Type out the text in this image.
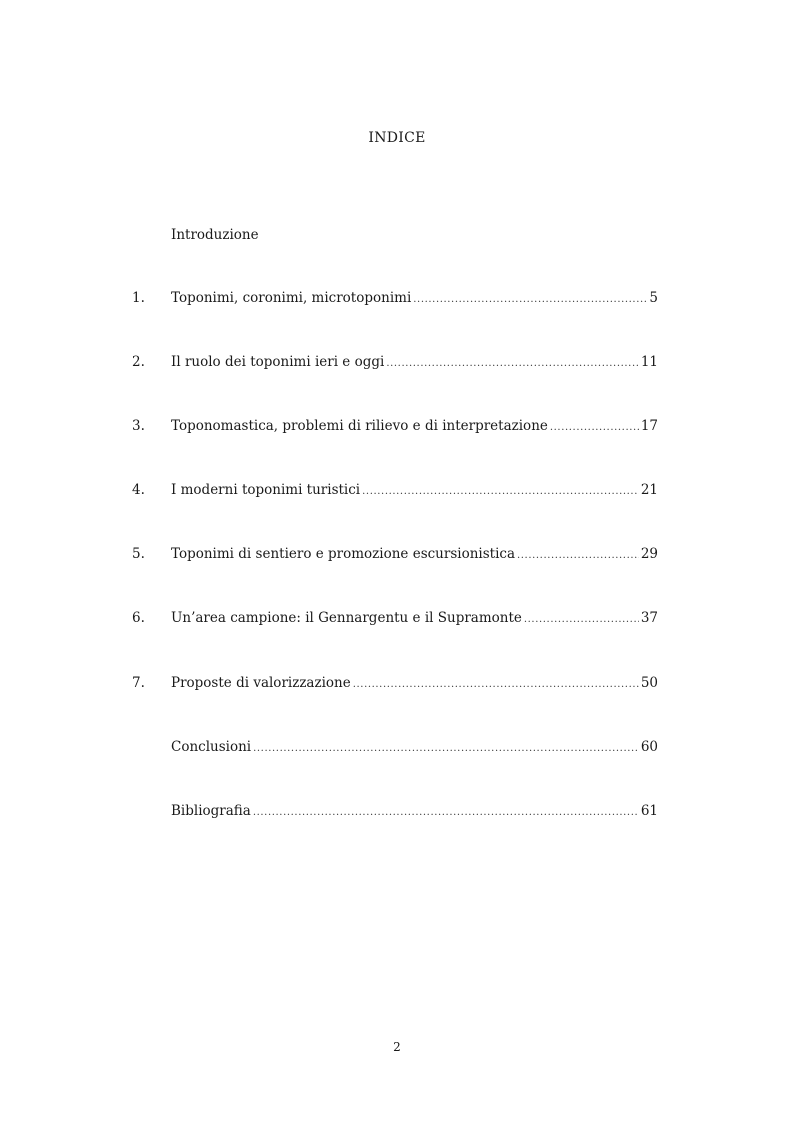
INDICE
Introduzione
1.	Toponimi, coronimi, microtoponimi .....	5
2.	Il ruolo dei toponimi ieri e oggi .....	11
3.	Toponomastica, problemi di rilievo e di interpretazione .....	17
4.	I moderni toponimi turistici .....	21
5.	Toponimi di sentiero e promozione escursionistica .....	29
6.	Un’area campione: il Gennargentu e il Supramonte .....	37
7.	Proposte di valorizzazione .....	50
Conclusioni .....	60
Bibliografia .....	61
2
